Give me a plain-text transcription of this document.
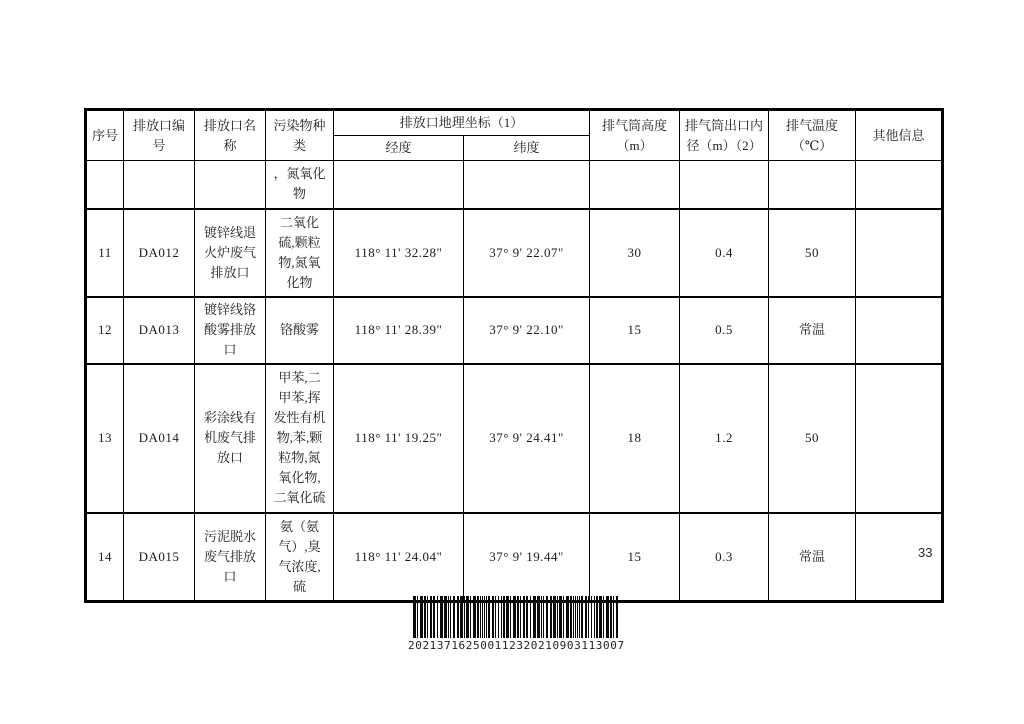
序号	排放口编号	排放口名称	污染物种类	排放口地理坐标（1）		排气筒高度（m）	排气筒出口内径（m）（2）	排气温度（℃）	其他信息
				经度	纬度				
			，氮氧化物						
11	DA012	镀锌线退火炉废气排放口	二氧化硫,颗粒物,氮氧化物	118° 11' 32.28"	37° 9' 22.07"	30	0.4	50	
12	DA013	镀锌线铬酸雾排放口	铬酸雾	118° 11' 28.39"	37° 9' 22.10"	15	0.5	常温	
13	DA014	彩涂线有机废气排放口	甲苯,二甲苯,挥发性有机物,苯,颗粒物,氮氧化物,二氧化硫	118° 11' 19.25"	37° 9' 24.41"	18	1.2	50	
14	DA015	污泥脱水废气排放口	氨（氨气）,臭气浓度,硫	118° 11' 24.04"	37° 9' 19.44"	15	0.3	常温		33
202137162500112320210903113007
